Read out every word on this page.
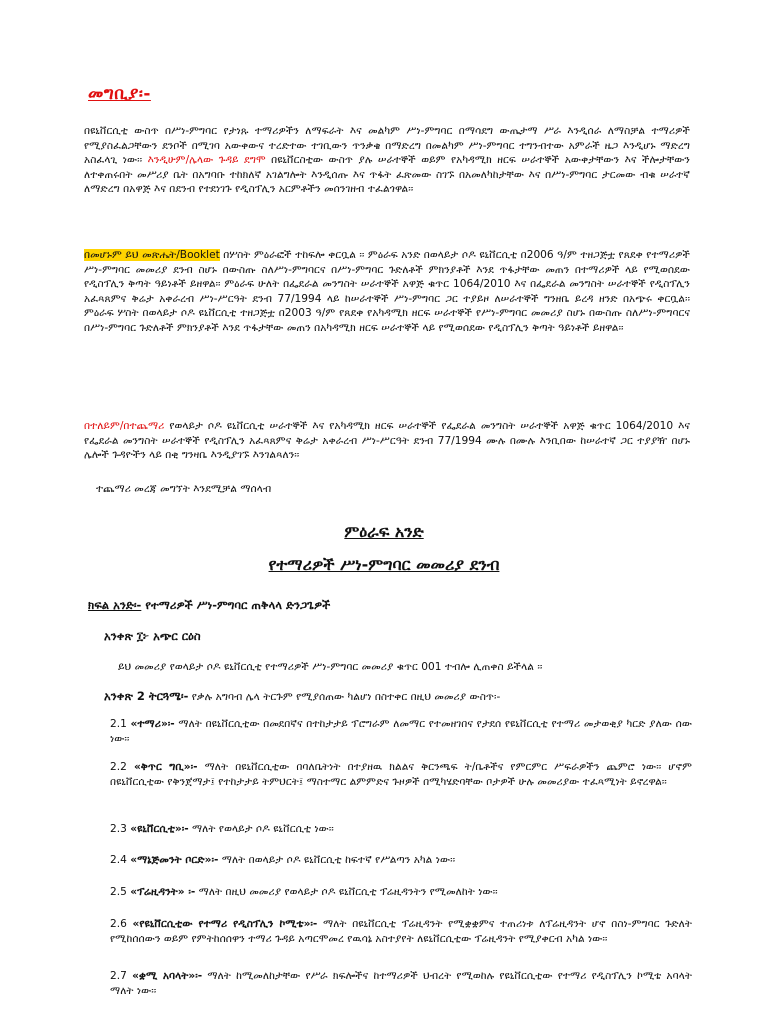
መግቢያ፡-

በዩኒቨርሲቲ ውስጥ በሥነ-ምግባር የታነጹ ተማሪዎችን ለማፍራት እና መልካም ሥነ-ምግባር በማሳደግ ውጤታማ ሥራ እንዲሰራ ለማስቻል ተማሪዎች የሚያስፈልጋቸውን ደንቦች በሚገባ አውቀውና ተረድተው ተገቢውን ጥንቃቄ በማድረግ በመልካም ሥነ-ምግባር ተግንብተው አምራች ዜጋ እንዲሆኑ ማድረግ አስፈላጊ ነው፡፡ እንዲሁም/ሌላው ጉዳይ ደግሞ በዩኒቨርስቲው ውስጥ ያሉ ሠራተኞች ወይም የአካዳሚክ ዘርፍ ሠራተኞች አውቀታቸውን እና ችሎታቸውን ለተቀጠሩበት መሥሪያ ቤት በአግባቡ ተከክለኛ አገልግሎት እንዲሰጡ እና ጥፋት ፈጽመው ስገኙ በአመለካከታቸው እና በሥነ-ምግባር ታርመው ብቁ ሠራተኛ ለማድረግ በአዋጅ እና በደንብ የተደነገጉ የዲስፕሊን አርምቶችን መሰንገዘብ ተፈልጎዋል፡፡

በመሆኑም ይህ መጽሔት/Booklet በሦስት ምዕራፎች ተከፍሎ ቀርቧል ፡፡ ምዕራፍ አንድ በወላይታ ሶዶ ዩኒቨርሲቲ በ2006 ዓ/ም ተዘጋጅቷ የጸደቀ የተማሪዎች ሥነ-ምግባር መመሪያ ደንብ ስሆኑ በውስጡ ስለሥነ-ምግባርና በሥነ-ምግባር ጉድለቶች ምክንያቶች እንደ ጥፋታቸው መጠን በተማሪዎች ላይ የሚወሰደው የዲስፕሊን ቅጣት ዓይነቶች ይዘዋል፡፡ ምዕራፍ ሁለት በፌደራል መንግስት ሠራተኞች አዋጅ ቁጥር 1064/2010 እና በፌደራል መንግስት ሠራተኞች የዲስፕሊን አፈጻጸምና ቅሬታ አቀራረብ ሥነ-ሥርዓት ደንብ 77/1994 ላይ ከሠራተኞች ሥነ-ምግባር ጋር ተያይዞ ለሠራተኞች ግንዘቤ ይረዳ ዘንድ በአጭሩ ቀርቧል፡፡ ምዕራፍ ሦስት በወላይታ ሶዶ ዩኒቨርሲቲ ተዘጋጅቷ በ2003 ዓ/ም የጸደቀ የአካዳሚክ ዘርፍ ሠራተኞች የሥነ-ምግባር መመሪያ ስሆኑ በውስጡ ስለሥነ-ምግባርና በሥነ-ምግባር ጉድለቶች ምክንያቶች እንደ ጥፋታቸው መጠን በአካዳሚክ ዘርፍ ሠራተኞች ላይ የሚወሰደው የዲስፕሊን ቅጣት ዓይነቶች ይዘዋል፡፡

በተለይም/በተጨማሪ የወላይታ ሶዶ ዩኒቨርሲቲ ሠራተኞች እና የአካዳሚክ ዘርፍ ሠራተኞች የፌደራል መንግስት ሠራተኞች አዋጅ ቁጥር 1064/2010 እና የፌደራል መንግስት ሠራተኞች የዲስፕሊን አፈጻጸምና ቅሬታ አቀራረብ ሥነ-ሥርዓት ደንብ 77/1994 ሙሉ በሙሉ እንቢበው ከሠራተኛ ጋር ተያያዥ በሆኑ ሌሎች ጉዳዮችን ላይ በቂ ግንዛቤ እንዲያገኙ እንገልጻለን፡፡

ተጨማሪ መረጃ መግኘት እንደሚቻል ማሰላብ

ምዕራፍ አንድ
የተማሪዎች ሥነ-ምግባር መመሪያ ደንብ
ክፍል አንድ፡- የተማሪዎች ሥነ-ምግባር ጠቅላላ ድንጋጌዎች
አንቀጽ ፲፦ አጭር ርዕስ
ይህ መመሪያ የወላይታ ሶዶ ዩኒቨርሲቲ የተማሪዎች ሥነ-ምግባር መመሪያ ቁጥር 001 ተብሎ ሊጠቀስ ይችላል ፡፡
አንቀጽ 2 ትርጓሜ፡- የቃሉ አግባብ ሌላ ትርጉም የሚያሰጠው ካልሆነ በስተቀር በዚህ መመሪያ ውስጥ፡-

2.1 «ተማሪ»፡- ማለት በዩኒቨርሲቲው በመደበኛና በተከታታይ ፕሮግራም ለመማር የተመዘገበና የታደሰ የዩኒቨርሲቲ የተማሪ መታወቂያ ካርድ ያለው ሰው ነው፡፡

2.2 «ቅጥር ግቢ»፡- ማለት በዩኒቨርሲቲው በባለቤትነት በተያዘዉ ክልልና ቅርንጫፍ ት/ቤቶችና የምርምር ሥፍራዎችን ጨምሮ ነው፡፡ ሆኖም በዩኒቨርሲቲው የቅንጀማታ፤ የተከታታይ ትምህርት፤ ማስተማር ልምምድና ጉዞዎች በሚካሄድባቸው ቦታዎች ሁሉ መመሪያው ተፈጻሚነት ይኖረዋል፡፡

2.3 «ዩኒቨርሲቲ»፡- ማለት የወላይታ ሶዶ ዩኒቨርሲቲ ነው፡፡

2.4 «ማኔጅመንት ቦርድ»፡- ማለት በወላይታ ሶዶ ዩኒቨርሲቲ ከፍተኛ የሥልጣን አካል ነው፡፡

2.5 «ፕሬዚዳንት» ፡- ማለት በዚህ መመሪያ የወላይታ ሶዶ ዩኒቨርሲቲ ፕሬዚዳንትን የሚመለከት ነው፡፡

2.6 «የዩኒቨርሲቲው የተማሪ የዲስፕሊን ኮሚቴ»፡- ማለት በዩኒቨርሲቲ ፕሬዚዳንት የሚቋቋምና ተጠሪነቱ ለፕሬዚዳንት ሆኖ በስነ-ምግባር ጉድለት የሚከሰሰውን ወይም የምትከሰሰዋን ተማሪ ጉዳይ አጣርሞመረ የዉሳኔ አስተያየት ለዩኒቨርሲቲው ፕሬዚዳንት የሚያቀርብ አካል ነው፡፡

2.7 «ቋሚ አባላት»፡- ማለት ከሚመለከታቸው የሥራ ክፍሎችና ከተማሪዎች ህብረት የሚወከሉ የዩኒቨርሲቲው የተማሪ የዲስፕሊን ኮሚቴ አባላት ማለት ነው፡፡
